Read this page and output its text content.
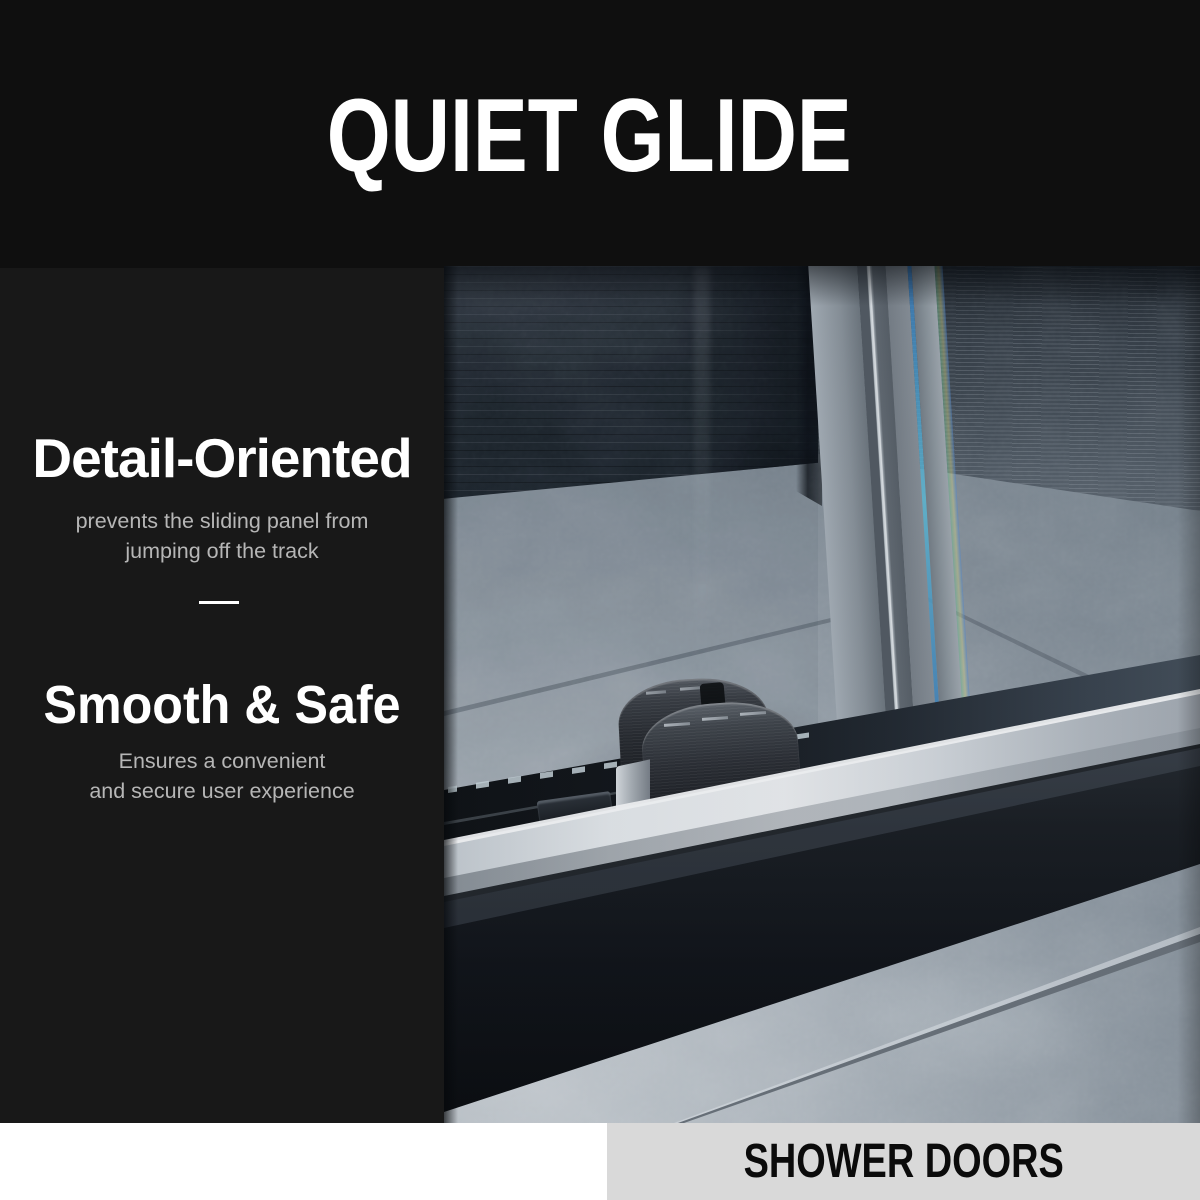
QUIET GLIDE
Detail-Oriented

prevents the sliding panel from
jumping off the track

Smooth & Safe

Ensures a convenient
and secure user experience

SHOWER DOORS
